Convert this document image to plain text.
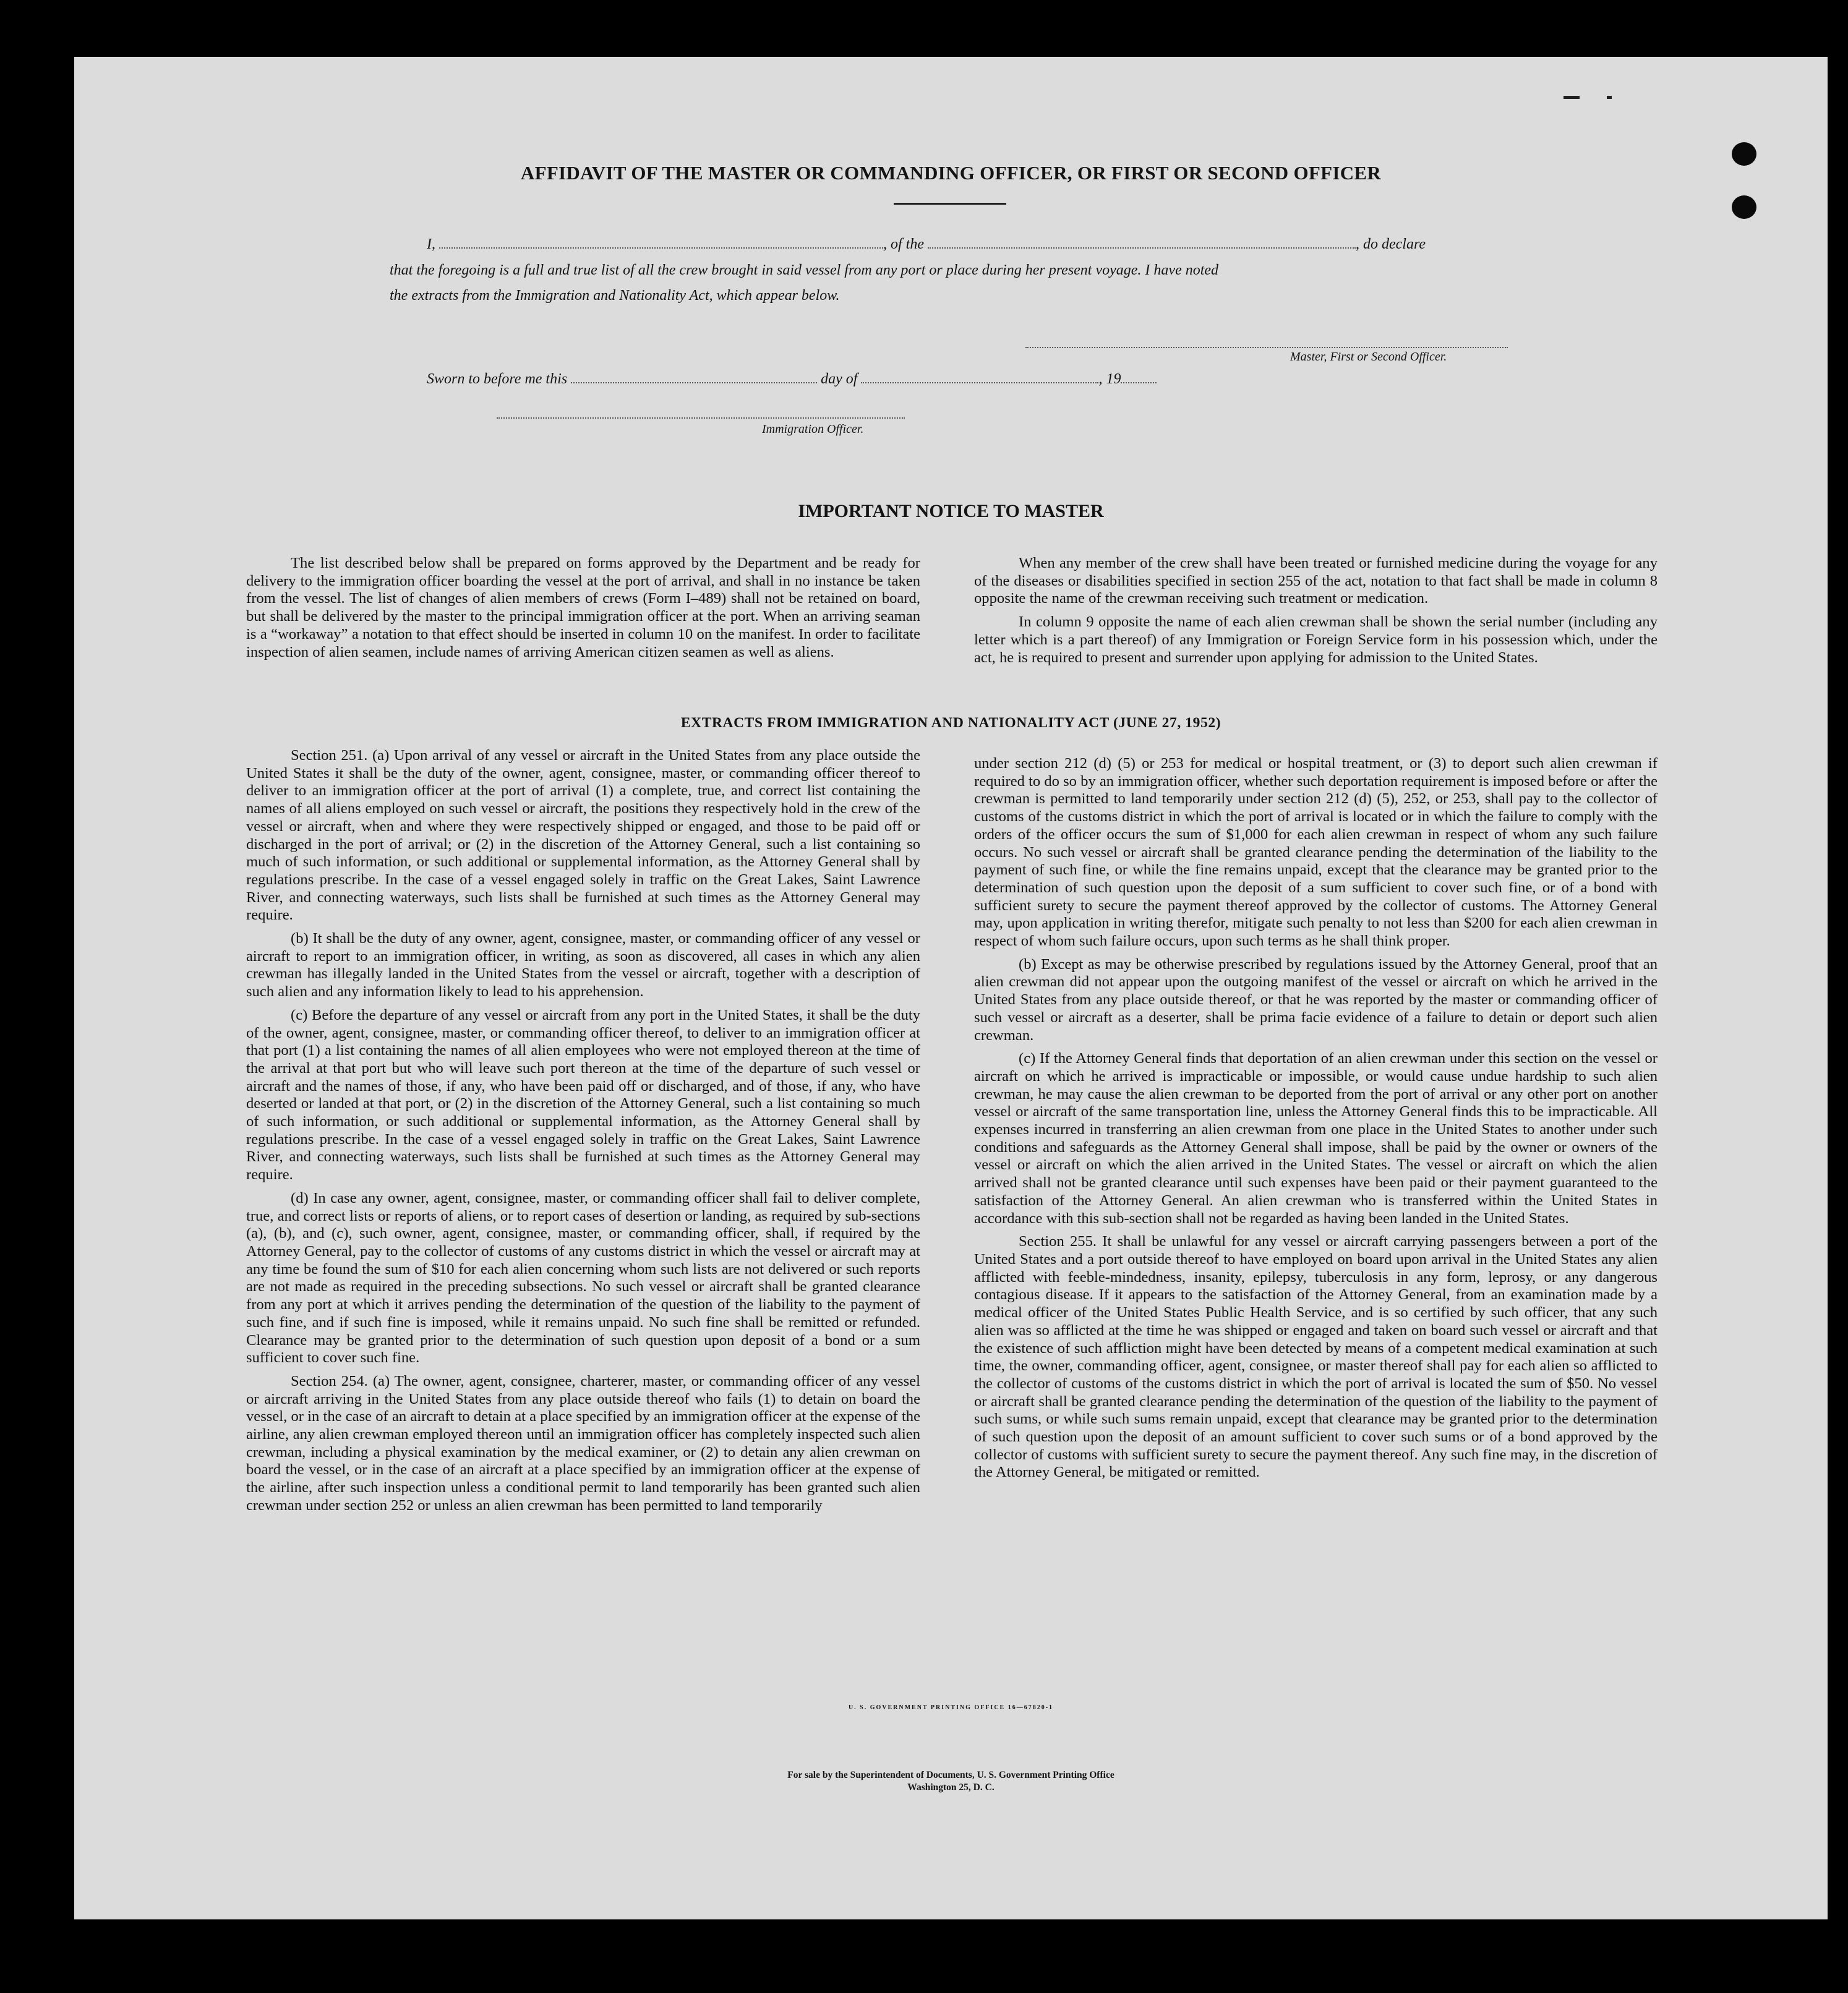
AFFIDAVIT OF THE MASTER OR COMMANDING OFFICER, OR FIRST OR SECOND OFFICER
I,	, of the	, do declare
that the foregoing is a full and true list of all the crew brought in said vessel from any port or place during her present voyage. I have noted
the extracts from the Immigration and Nationality Act, which appear below.
Master, First or Second Officer.
Sworn to before me this	day of	, 19
Immigration Officer.
IMPORTANT NOTICE TO MASTER

The list described below shall be prepared on forms approved by the Department and be ready for delivery to the immigration officer boarding the vessel at the port of arrival, and shall in no instance be taken from the vessel. The list of changes of alien members of crews (Form I–489) shall not be retained on board, but shall be delivered by the master to the principal immigration officer at the port. When an arriving seaman is a “workaway” a notation to that effect should be inserted in column 10 on the manifest. In order to facilitate inspection of alien seamen, include names of arriving American citizen seamen as well as aliens.

When any member of the crew shall have been treated or furnished medicine during the voyage for any of the diseases or disabilities specified in section 255 of the act, notation to that fact shall be made in column 8 opposite the name of the crewman receiving such treatment or medication.

In column 9 opposite the name of each alien crewman shall be shown the serial number (including any letter which is a part thereof) of any Immigration or Foreign Service form in his possession which, under the act, he is required to present and surrender upon applying for admission to the United States.

EXTRACTS FROM IMMIGRATION AND NATIONALITY ACT (JUNE 27, 1952)

Section 251. (a) Upon arrival of any vessel or aircraft in the United States from any place outside the United States it shall be the duty of the owner, agent, consignee, master, or commanding officer thereof to deliver to an immigration officer at the port of arrival (1) a complete, true, and correct list containing the names of all aliens employed on such vessel or aircraft, the positions they respectively hold in the crew of the vessel or aircraft, when and where they were respectively shipped or engaged, and those to be paid off or discharged in the port of arrival; or (2) in the discretion of the Attorney General, such a list containing so much of such information, or such additional or supplemental information, as the Attorney General shall by regulations prescribe. In the case of a vessel engaged solely in traffic on the Great Lakes, Saint Lawrence River, and connecting waterways, such lists shall be furnished at such times as the Attorney General may require.

(b) It shall be the duty of any owner, agent, consignee, master, or commanding officer of any vessel or aircraft to report to an immigration officer, in writing, as soon as discovered, all cases in which any alien crewman has illegally landed in the United States from the vessel or aircraft, together with a description of such alien and any information likely to lead to his apprehension.

(c) Before the departure of any vessel or aircraft from any port in the United States, it shall be the duty of the owner, agent, consignee, master, or commanding officer thereof, to deliver to an immigration officer at that port (1) a list containing the names of all alien employees who were not employed thereon at the time of the arrival at that port but who will leave such port thereon at the time of the departure of such vessel or aircraft and the names of those, if any, who have been paid off or discharged, and of those, if any, who have deserted or landed at that port, or (2) in the discretion of the Attorney General, such a list containing so much of such information, or such additional or supplemental information, as the Attorney General shall by regulations prescribe. In the case of a vessel engaged solely in traffic on the Great Lakes, Saint Lawrence River, and connecting waterways, such lists shall be furnished at such times as the Attorney General may require.

(d) In case any owner, agent, consignee, master, or commanding officer shall fail to deliver complete, true, and correct lists or reports of aliens, or to report cases of desertion or landing, as required by sub-sections (a), (b), and (c), such owner, agent, consignee, master, or commanding officer, shall, if required by the Attorney General, pay to the collector of customs of any customs district in which the vessel or aircraft may at any time be found the sum of $10 for each alien concerning whom such lists are not delivered or such reports are not made as required in the preceding subsections. No such vessel or aircraft shall be granted clearance from any port at which it arrives pending the determination of the question of the liability to the payment of such fine, and if such fine is imposed, while it remains unpaid. No such fine shall be remitted or refunded. Clearance may be granted prior to the determination of such question upon deposit of a bond or a sum sufficient to cover such fine.

Section 254. (a) The owner, agent, consignee, charterer, master, or commanding officer of any vessel or aircraft arriving in the United States from any place outside thereof who fails (1) to detain on board the vessel, or in the case of an aircraft to detain at a place specified by an immigration officer at the expense of the airline, any alien crewman employed thereon until an immigration officer has completely inspected such alien crewman, including a physical examination by the medical examiner, or (2) to detain any alien crewman on board the vessel, or in the case of an aircraft at a place specified by an immigration officer at the expense of the airline, after such inspection unless a conditional permit to land temporarily has been granted such alien crewman under section 252 or unless an alien crewman has been permitted to land temporarily

under section 212 (d) (5) or 253 for medical or hospital treatment, or (3) to deport such alien crewman if required to do so by an immigration officer, whether such deportation requirement is imposed before or after the crewman is permitted to land temporarily under section 212 (d) (5), 252, or 253, shall pay to the collector of customs of the customs district in which the port of arrival is located or in which the failure to comply with the orders of the officer occurs the sum of $1,000 for each alien crewman in respect of whom any such failure occurs. No such vessel or aircraft shall be granted clearance pending the determination of the liability to the payment of such fine, or while the fine remains unpaid, except that the clearance may be granted prior to the determination of such question upon the deposit of a sum sufficient to cover such fine, or of a bond with sufficient surety to secure the payment thereof approved by the collector of customs. The Attorney General may, upon application in writing therefor, mitigate such penalty to not less than $200 for each alien crewman in respect of whom such failure occurs, upon such terms as he shall think proper.

(b) Except as may be otherwise prescribed by regulations issued by the Attorney General, proof that an alien crewman did not appear upon the outgoing manifest of the vessel or aircraft on which he arrived in the United States from any place outside thereof, or that he was reported by the master or commanding officer of such vessel or aircraft as a deserter, shall be prima facie evidence of a failure to detain or deport such alien crewman.

(c) If the Attorney General finds that deportation of an alien crewman under this section on the vessel or aircraft on which he arrived is impracticable or impossible, or would cause undue hardship to such alien crewman, he may cause the alien crewman to be deported from the port of arrival or any other port on another vessel or aircraft of the same transportation line, unless the Attorney General finds this to be impracticable. All expenses incurred in transferring an alien crewman from one place in the United States to another under such conditions and safeguards as the Attorney General shall impose, shall be paid by the owner or owners of the vessel or aircraft on which the alien arrived in the United States. The vessel or aircraft on which the alien arrived shall not be granted clearance until such expenses have been paid or their payment guaranteed to the satisfaction of the Attorney General. An alien crewman who is transferred within the United States in accordance with this sub-section shall not be regarded as having been landed in the United States.

Section 255. It shall be unlawful for any vessel or aircraft carrying passengers between a port of the United States and a port outside thereof to have employed on board upon arrival in the United States any alien afflicted with feeble-mindedness, insanity, epilepsy, tuberculosis in any form, leprosy, or any dangerous contagious disease. If it appears to the satisfaction of the Attorney General, from an examination made by a medical officer of the United States Public Health Service, and is so certified by such officer, that any such alien was so afflicted at the time he was shipped or engaged and taken on board such vessel or aircraft and that the existence of such affliction might have been detected by means of a competent medical examination at such time, the owner, commanding officer, agent, consignee, or master thereof shall pay for each alien so afflicted to the collector of customs of the customs district in which the port of arrival is located the sum of $50. No vessel or aircraft shall be granted clearance pending the determination of the question of the liability to the payment of such sums, or while such sums remain unpaid, except that clearance may be granted prior to the determination of such question upon the deposit of an amount sufficient to cover such sums or of a bond approved by the collector of customs with sufficient surety to secure the payment thereof. Any such fine may, in the discretion of the Attorney General, be mitigated or remitted.

U. S. GOVERNMENT PRINTING OFFICE 16—67820-1
For sale by the Superintendent of Documents, U. S. Government Printing Office
Washington 25, D. C.
